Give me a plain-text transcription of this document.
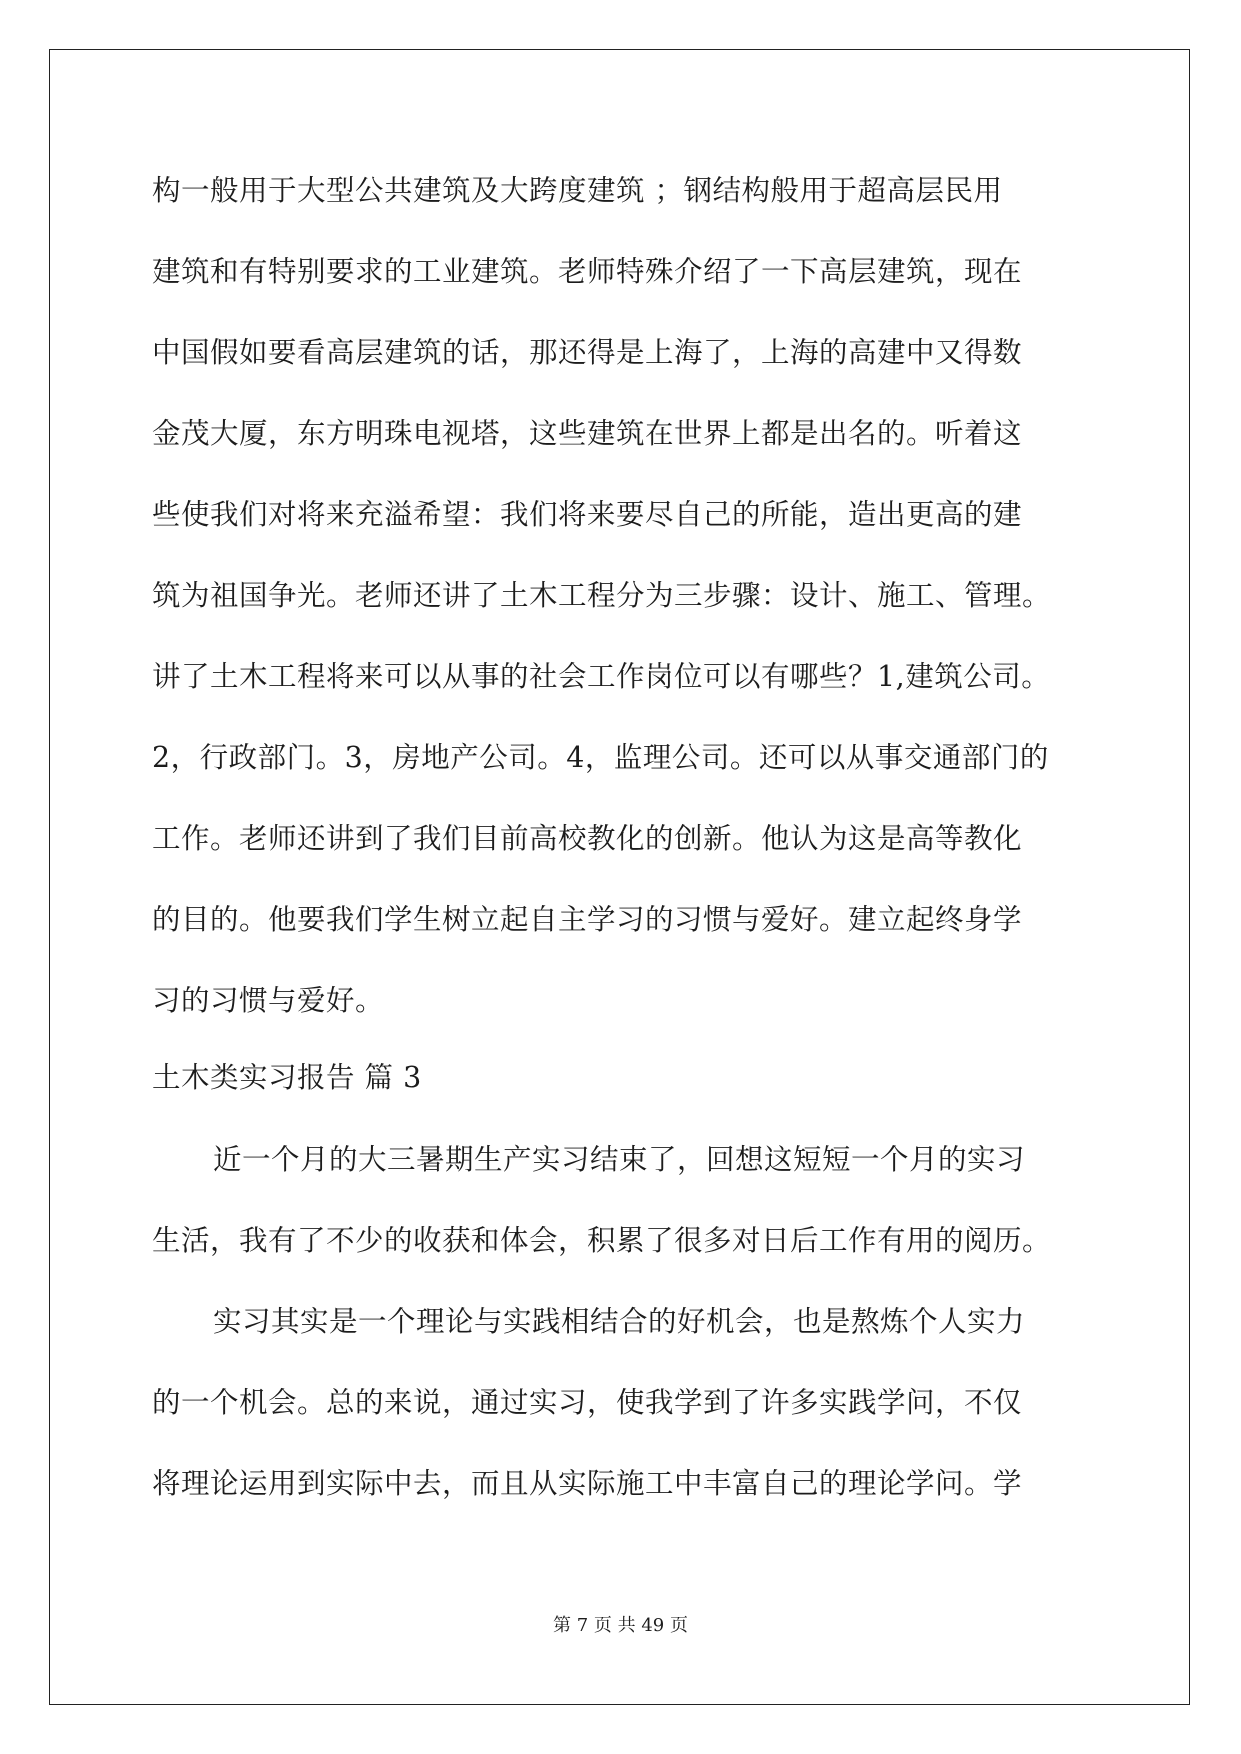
构一般用于大型公共建筑及大跨度建筑 ；钢结构般用于超高层民用
建筑和有特别要求的工业建筑。老师特殊介绍了一下高层建筑，现在
中国假如要看高层建筑的话，那还得是上海了，上海的高建中又得数
金茂大厦，东方明珠电视塔，这些建筑在世界上都是出名的。听着这
些使我们对将来充溢希望：我们将来要尽自己的所能，造出更高的建
筑为祖国争光。老师还讲了土木工程分为三步骤：设计、施工、管理。
讲了土木工程将来可以从事的社会工作岗位可以有哪些？1,建筑公司。
2，行政部门。3，房地产公司。4，监理公司。还可以从事交通部门的
工作。老师还讲到了我们目前高校教化的创新。他认为这是高等教化
的目的。他要我们学生树立起自主学习的习惯与爱好。建立起终身学
习的习惯与爱好。
土木类实习报告 篇 3
近一个月的大三暑期生产实习结束了，回想这短短一个月的实习
生活，我有了不少的收获和体会，积累了很多对日后工作有用的阅历。
实习其实是一个理论与实践相结合的好机会，也是熬炼个人实力
的一个机会。总的来说，通过实习，使我学到了许多实践学问，不仅
将理论运用到实际中去，而且从实际施工中丰富自己的理论学问。学
第 7 页 共 49 页
